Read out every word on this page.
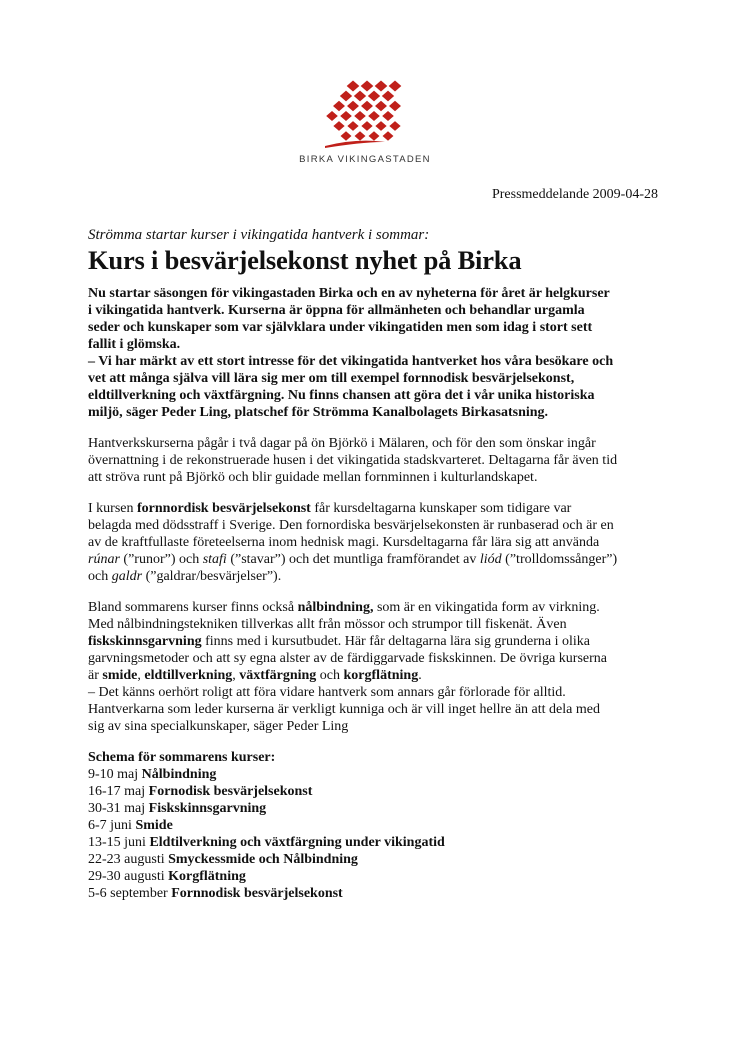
BIRKA VIKINGASTADEN
Pressmeddelande 2009-04-28

Strömma startar kurser i vikingatida hantverk i sommar:

Kurs i besvärjelsekonst nyhet på Birka

Nu startar säsongen för vikingastaden Birka och en av nyheterna för året är helgkurser
i vikingatida hantverk. Kurserna är öppna för allmänheten och behandlar urgamla
seder och kunskaper som var självklara under vikingatiden men som idag i stort sett
fallit i glömska.
– Vi har märkt av ett stort intresse för det vikingatida hantverket hos våra besökare och
vet att många själva vill lära sig mer om till exempel fornnodisk besvärjelsekonst,
eldtillverkning och växtfärgning. Nu finns chansen att göra det i vår unika historiska
miljö, säger Peder Ling, platschef för Strömma Kanalbolagets Birkasatsning.

Hantverkskurserna pågår i två dagar på ön Björkö i Mälaren, och för den som önskar ingår
övernattning i de rekonstruerade husen i det vikingatida stadskvarteret. Deltagarna får även tid
att ströva runt på Björkö och blir guidade mellan fornminnen i kulturlandskapet.

I kursen fornnordisk besvärjelsekonst får kursdeltagarna kunskaper som tidigare var
belagda med dödsstraff i Sverige. Den fornordiska besvärjelsekonsten är runbaserad och är en
av de kraftfullaste företeelserna inom hednisk magi. Kursdeltagarna får lära sig att använda
rúnar (”runor”) och stafi (”stavar”) och det muntliga framförandet av liód (”trolldomssånger”)
och galdr (”galdrar/besvärjelser”).

Bland sommarens kurser finns också nålbindning, som är en vikingatida form av virkning.
Med nålbindningstekniken tillverkas allt från mössor och strumpor till fiskenät. Även
fiskskinnsgarvning finns med i kursutbudet. Här får deltagarna lära sig grunderna i olika
garvningsmetoder och att sy egna alster av de färdiggarvade fiskskinnen. De övriga kurserna
är smide, eldtillverkning, växtfärgning och korgflätning.
– Det känns oerhört roligt att föra vidare hantverk som annars går förlorade för alltid.
Hantverkarna som leder kurserna är verkligt kunniga och är vill inget hellre än att dela med
sig av sina specialkunskaper, säger Peder Ling

Schema för sommarens kurser:

9-10 maj Nålbindning

16-17 maj Fornodisk besvärjelsekonst

30-31 maj Fiskskinnsgarvning

6-7 juni Smide

13-15 juni Eldtilverkning och växtfärgning under vikingatid

22-23 augusti Smyckessmide och Nålbindning

29-30 augusti Korgflätning

5-6 september Fornnodisk besvärjelsekonst
